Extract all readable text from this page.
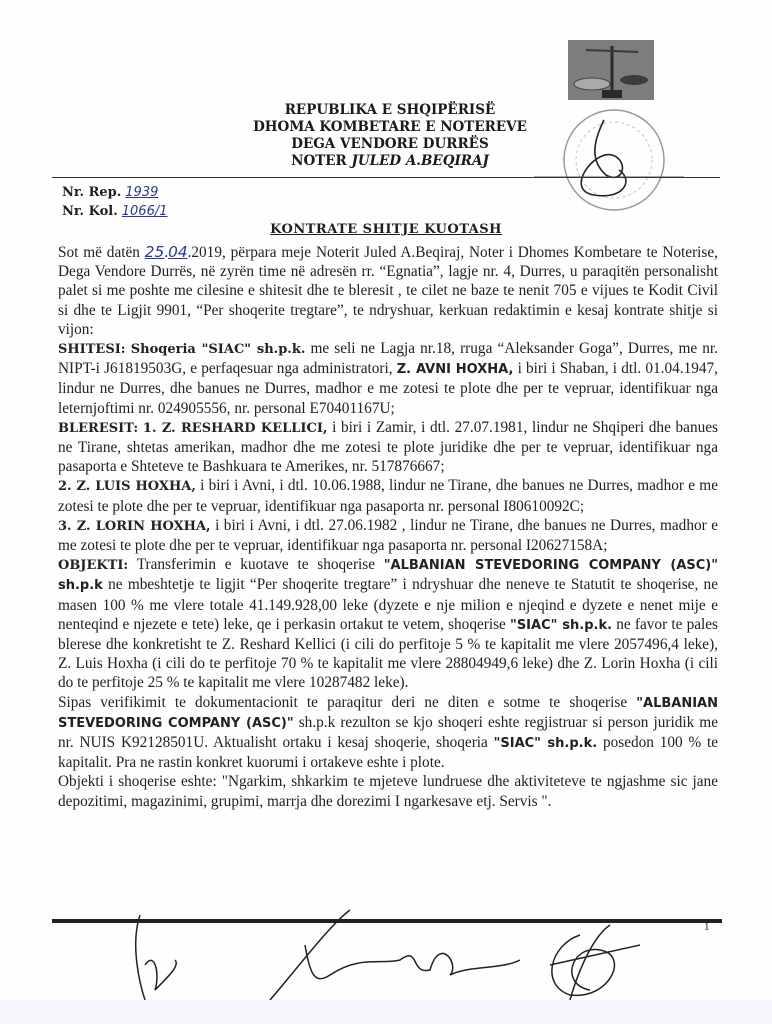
REPUBLIKA E SHQIPËRISË
DHOMA KOMBETARE E NOTEREVE
DEGA VENDORE DURRËS
NOTER JULED A.BEQIRAJ
Nr. Rep. 1939
Nr. Kol. 1066/1
KONTRATE SHITJE KUOTASH

Sot më datën 25.04.2019, përpara meje Noterit Juled A.Beqiraj, Noter i Dhomes Kombetare te Noterise, Dega Vendore Durrës, në zyrën time në adresën rr. “Egnatia”, lagje nr. 4, Durres, u paraqitën personalisht palet si me poshte me cilesine e shitesit dhe te bleresit , te cilet ne baze te nenit 705 e vijues te Kodit Civil si dhe te Ligjit 9901, “Per shoqerite tregtare”, te ndryshuar, kerkuan redaktimin e kesaj kontrate shitje si vijon:

SHITESI: Shoqeria "SIAC" sh.p.k. me seli ne Lagja nr.18, rruga “Aleksander Goga”, Durres, me nr. NIPT-i J61819503G, e perfaqesuar nga administratori, Z. AVNI HOXHA, i biri i Shaban, i dtl. 01.04.1947, lindur ne Durres, dhe banues ne Durres, madhor e me zotesi te plote dhe per te vepruar, identifikuar nga leternjoftimi nr. 024905556, nr. personal E70401167U;

BLERESIT: 1. Z. RESHARD KELLICI, i biri i Zamir, i dtl. 27.07.1981, lindur ne Shqiperi dhe banues ne Tirane, shtetas amerikan, madhor dhe me zotesi te plote juridike dhe per te vepruar, identifikuar nga pasaporta e Shteteve te Bashkuara te Amerikes, nr. 517876667;

2. Z. LUIS HOXHA, i biri i Avni, i dtl. 10.06.1988, lindur ne Tirane, dhe banues ne Durres, madhor e me zotesi te plote dhe per te vepruar, identifikuar nga pasaporta nr. personal I80610092C;

3. Z. LORIN HOXHA, i biri i Avni, i dtl. 27.06.1982 , lindur ne Tirane, dhe banues ne Durres, madhor e me zotesi te plote dhe per te vepruar, identifikuar nga pasaporta nr. personal I20627158A;

OBJEKTI: Transferimin e kuotave te shoqerise "ALBANIAN STEVEDORING COMPANY (ASC)" sh.p.k ne mbeshtetje te ligjit “Per shoqerite tregtare” i ndryshuar dhe neneve te Statutit te shoqerise, ne masen 100 % me vlere totale 41.149.928,00 leke (dyzete e nje milion e njeqind e dyzete e nenet mije e nenteqind e njezete e tete) leke, qe i perkasin ortakut te vetem, shoqerise "SIAC" sh.p.k. ne favor te pales blerese dhe konkretisht te Z. Reshard Kellici (i cili do perfitoje 5 % te kapitalit me vlere 2057496,4 leke), Z. Luis Hoxha (i cili do te perfitoje 70 % te kapitalit me vlere 28804949,6 leke) dhe Z. Lorin Hoxha (i cili do te perfitoje 25 % te kapitalit me vlere 10287482 leke).

Sipas verifikimit te dokumentacionit te paraqitur deri ne diten e sotme te shoqerise "ALBANIAN STEVEDORING COMPANY (ASC)" sh.p.k rezulton se kjo shoqeri eshte regjistruar si person juridik me nr. NUIS K92128501U. Aktualisht ortaku i kesaj shoqerie, shoqeria "SIAC" sh.p.k. posedon 100 % te kapitalit. Pra ne rastin konkret kuorumi i ortakeve eshte i plote.

Objekti i shoqerise eshte: "Ngarkim, shkarkim te mjeteve lundruese dhe aktiviteteve te ngjashme sic jane depozitimi, magazinimi, grupimi, marrja dhe dorezimi I ngarkesave etj. Servis ".

1
